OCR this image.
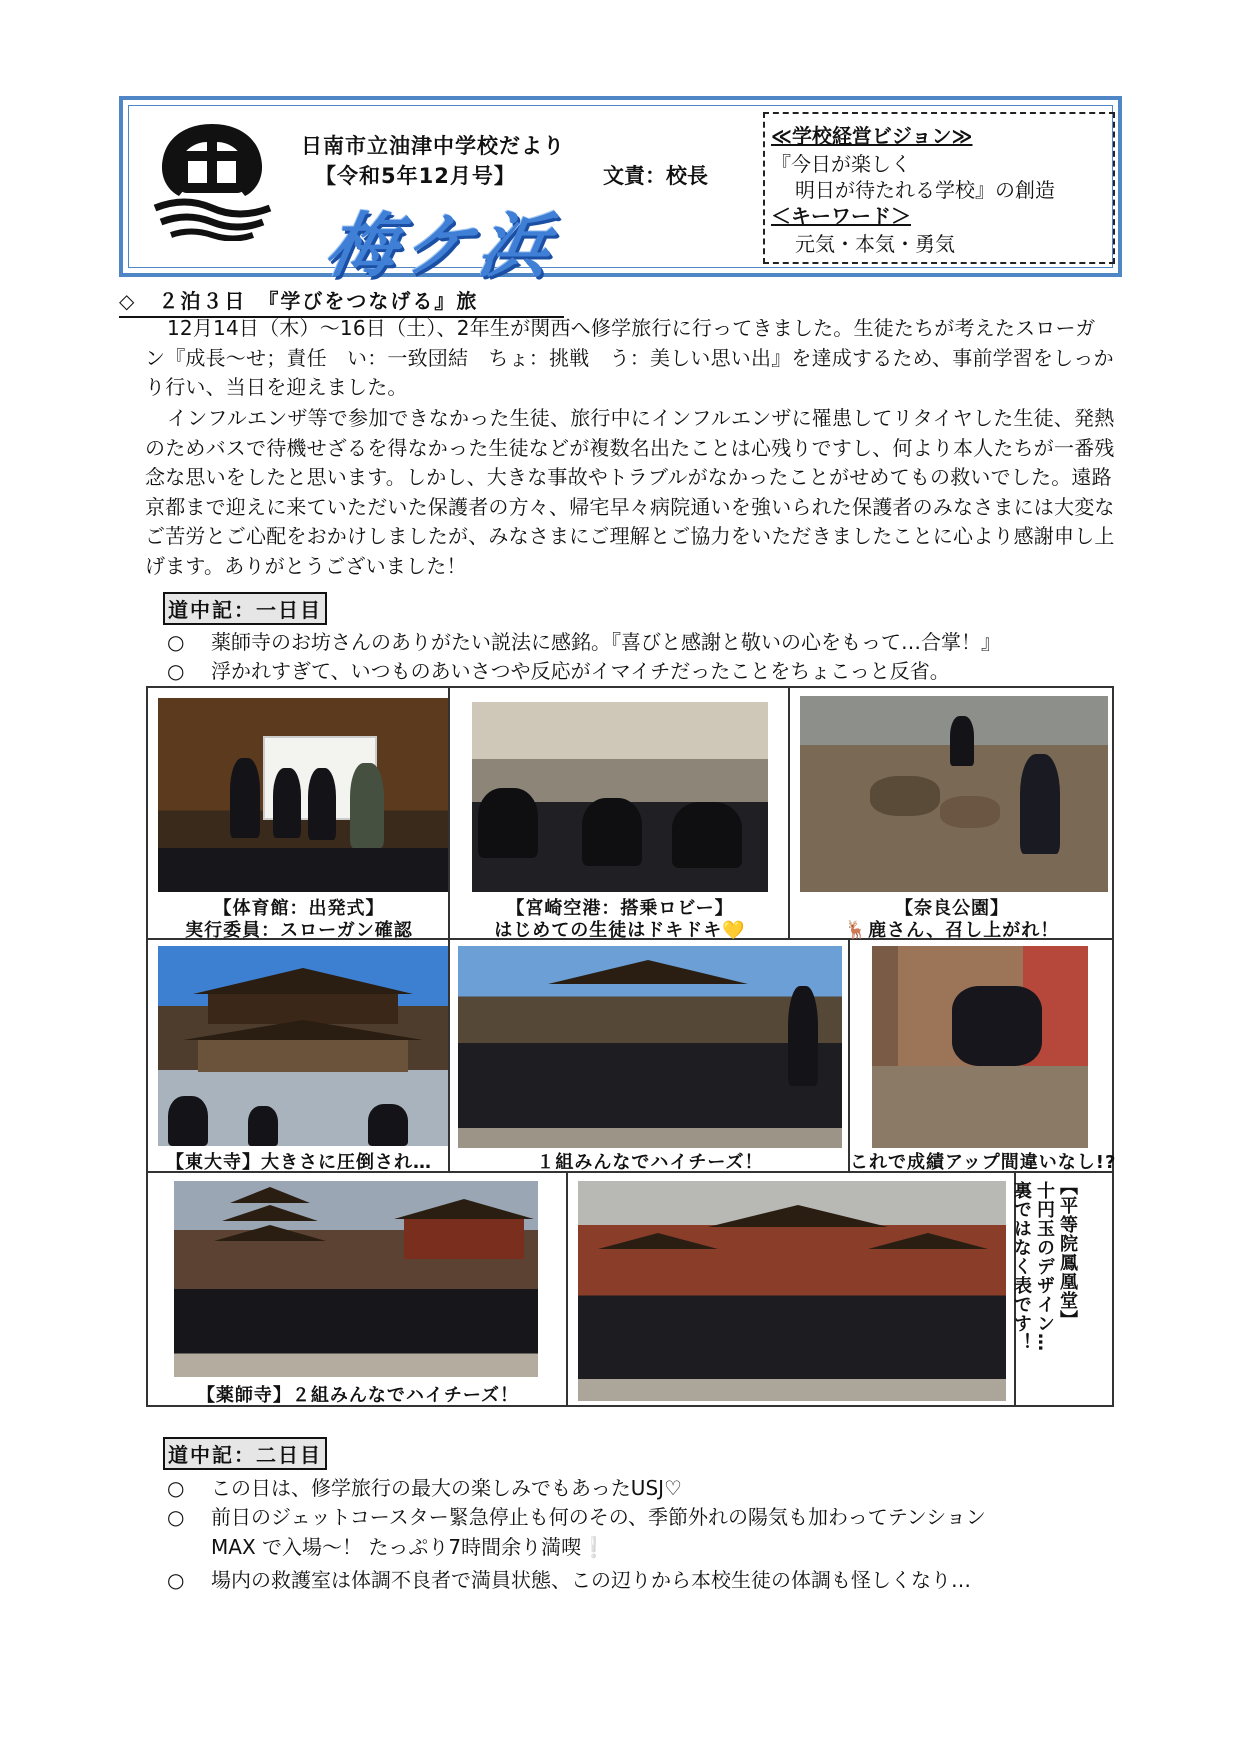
日南市立油津中学校だより
【令和5年12月号】	文責：校長
梅ケ浜
≪学校経営ビジョン≫
『今日が楽しく
明日が待たれる学校』の創造
＜キーワード＞
元気・本気・勇気
◇　２泊３日　『学びをつなげる』旅
12月14日（木）～16日（土）、2年生が関西へ修学旅行に行ってきました。生徒たちが考えたスローガン『成長～せ；責任　い：一致団結　ちょ：挑戦　う：美しい思い出』を達成するため、事前学習をしっかり行い、当日を迎えました。
インフルエンザ等で参加できなかった生徒、旅行中にインフルエンザに罹患してリタイヤした生徒、発熱のためバスで待機せざるを得なかった生徒などが複数名出たことは心残りですし、何より本人たちが一番残念な思いをしたと思います。しかし、大きな事故やトラブルがなかったことがせめてもの救いでした。遠路京都まで迎えに来ていただいた保護者の方々、帰宅早々病院通いを強いられた保護者のみなさまには大変なご苦労とご心配をおかけしましたが、みなさまにご理解とご協力をいただきましたことに心より感謝申し上げます。ありがとうございました！
道中記：一日目
○ 薬師寺のお坊さんのありがたい説法に感銘。『喜びと感謝と敬いの心をもって…合掌！』
○ 浮かれすぎて、いつものあいさつや反応がイマイチだったことをちょこっと反省。
【体育館：出発式】
実行委員：スローガン確認
【宮崎空港：搭乗ロビー】
はじめての生徒はドキドキ💛
【奈良公園】
🦌鹿さん、召し上がれ！
【東大寺】大きさに圧倒され…	１組みんなでハイチーズ！	これで成績アップ間違いなし!?
【薬師寺】２組みんなでハイチーズ！
【平等院鳳凰堂】
十円玉のデザイン…
裏ではなく表です！
道中記：二日目
○ この日は、修学旅行の最大の楽しみでもあったUSJ♡
○ 前日のジェットコースター緊急停止も何のその、季節外れの陽気も加わってテンション
MAX で入場～！ たっぷり7時間余り満喫❕
○ 場内の救護室は体調不良者で満員状態、この辺りから本校生徒の体調も怪しくなり…
